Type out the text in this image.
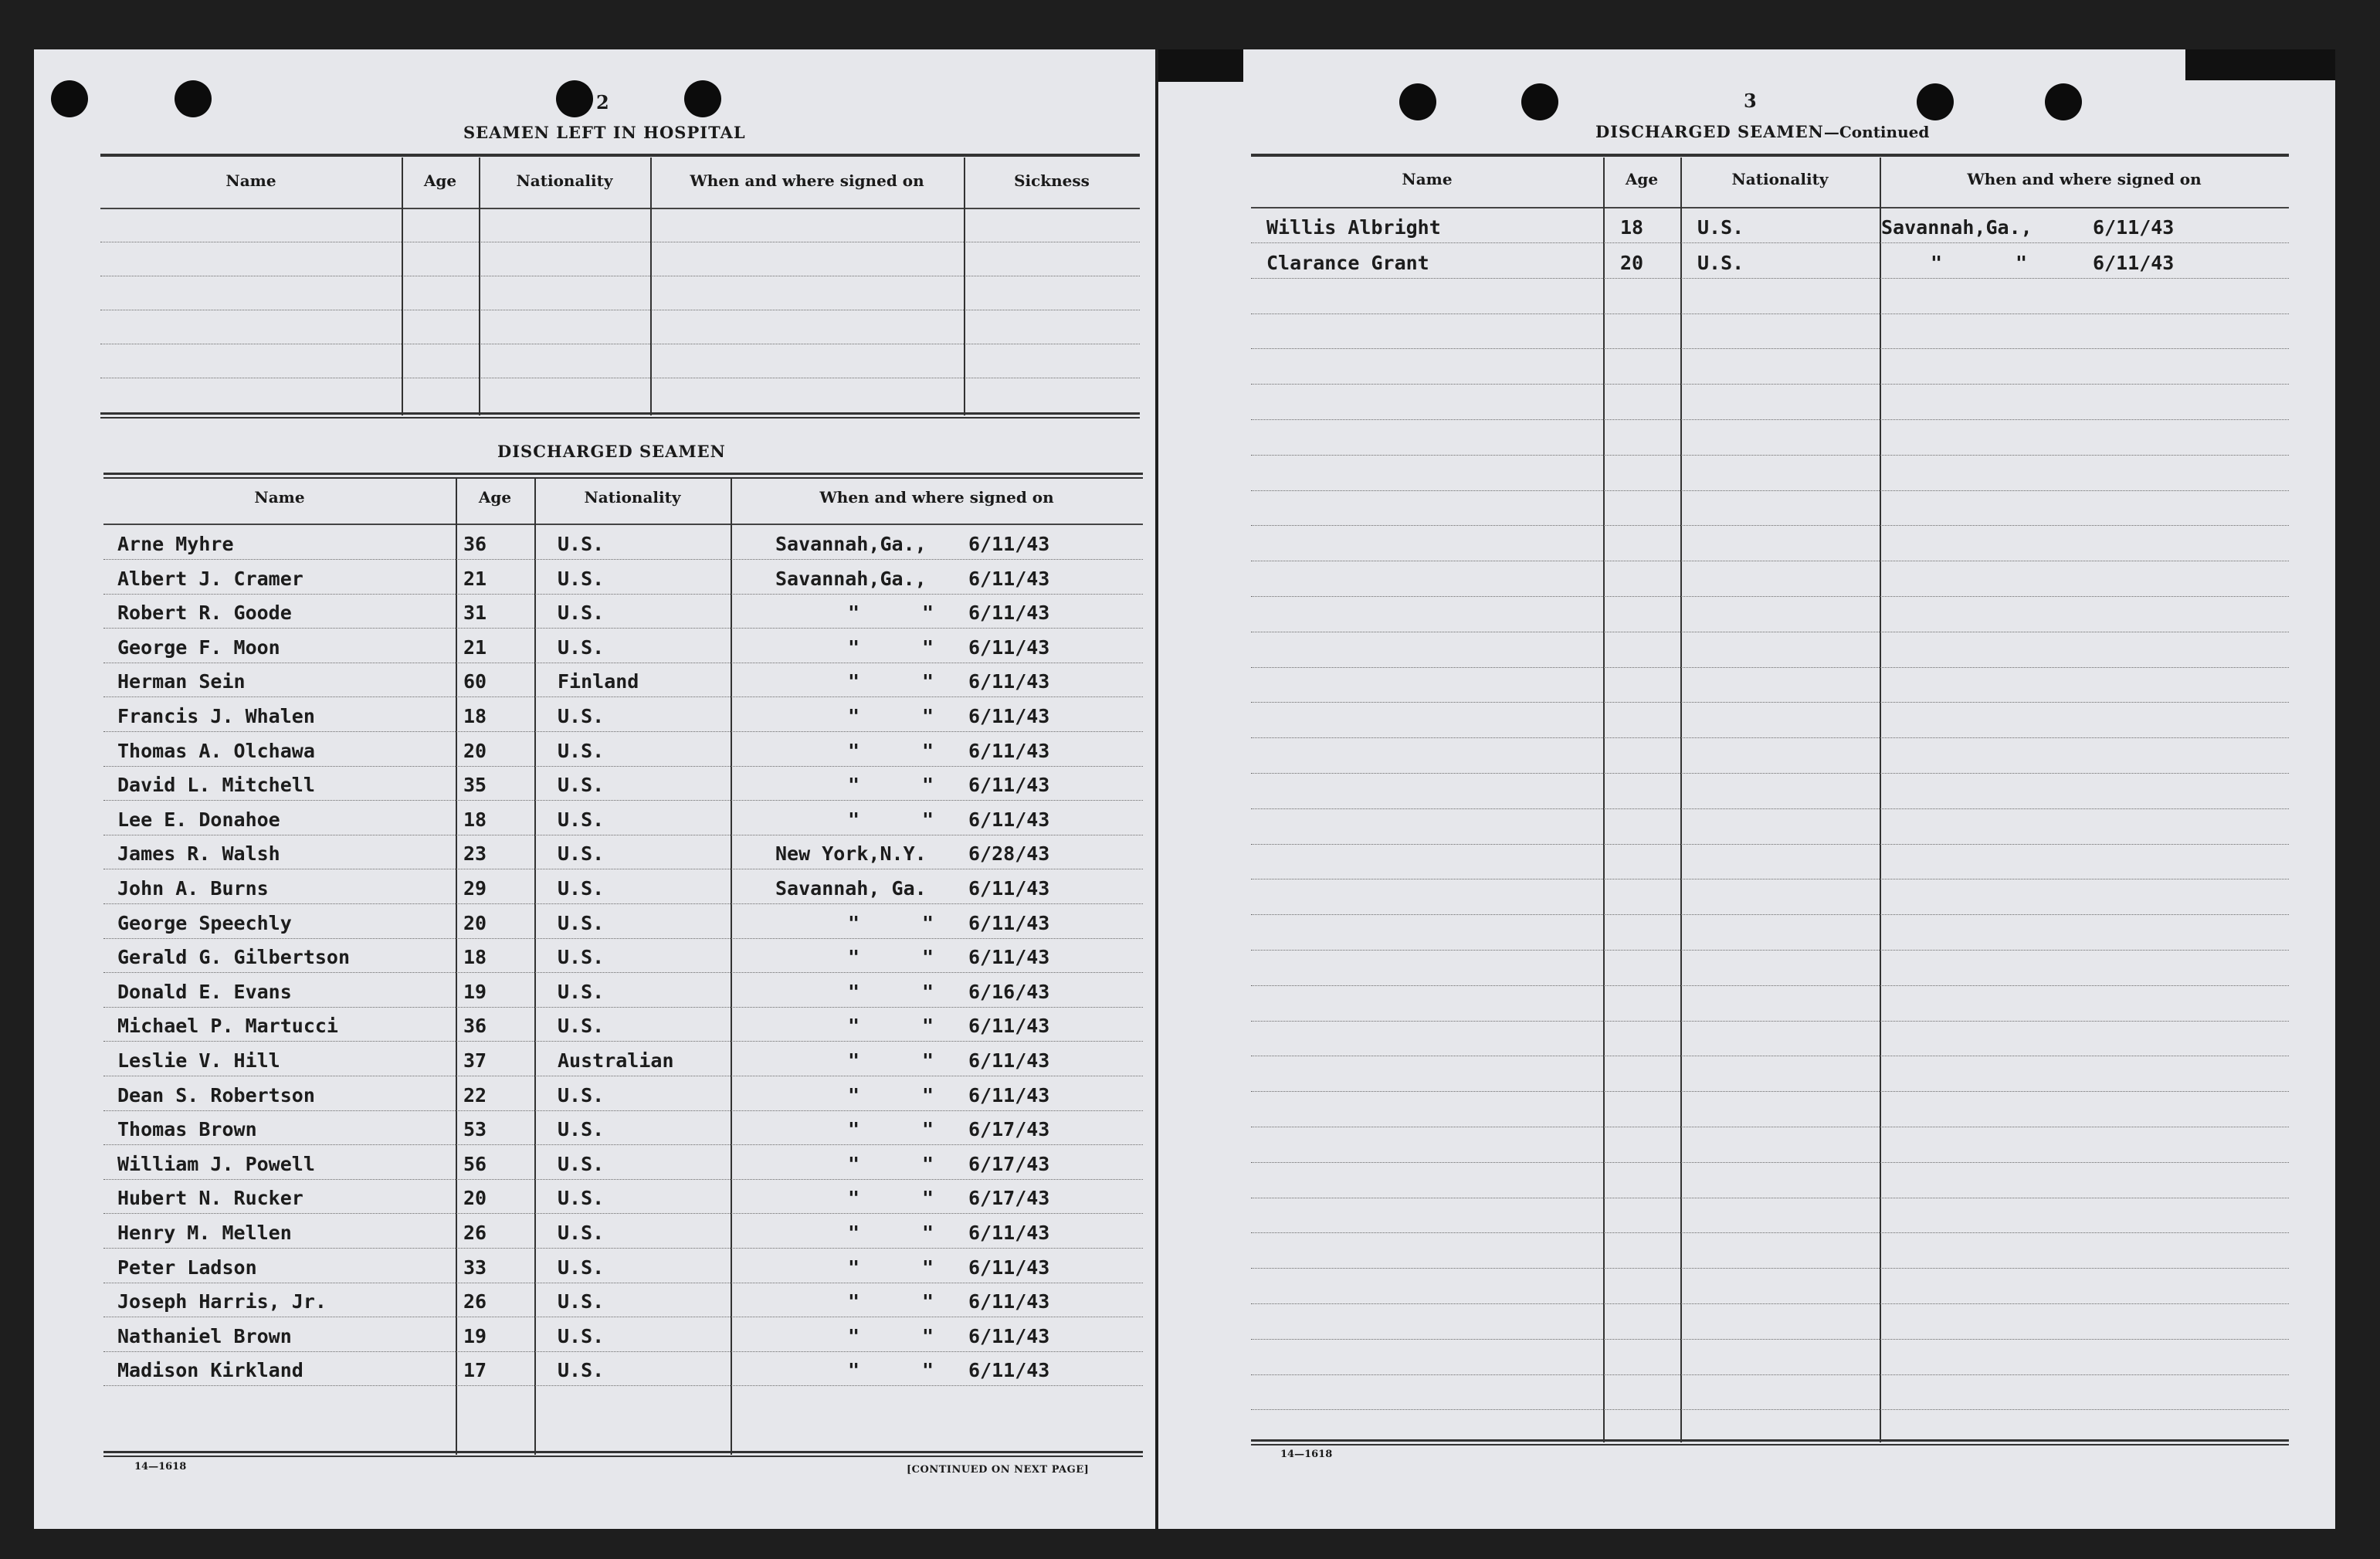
2
SEAMEN LEFT IN HOSPITAL
Name	Age	Nationality	When and where signed on	Sickness
DISCHARGED SEAMEN
Name	Age	Nationality	When and where signed on
Arne Myhre	36	U.S.	Savannah,Ga., 6/11/43
Albert J. Cramer	21	U.S.	Savannah,Ga., 6/11/43
Robert R. Goode	31	U.S.	"	" 6/11/43
George F. Moon	21	U.S.	"	" 6/11/43
Herman Sein	60	Finland	"	" 6/11/43
Francis J. Whalen	18	U.S.	"	" 6/11/43
Thomas A. Olchawa	20	U.S.	"	" 6/11/43
David L. Mitchell	35	U.S.	"	" 6/11/43
Lee E. Donahoe	18	U.S.	"	" 6/11/43
James R. Walsh	23	U.S.	New York,N.Y. 6/28/43
John A. Burns	29	U.S.	Savannah, Ga. 6/11/43
George Speechly	20	U.S.	"	" 6/11/43
Gerald G. Gilbertson	18	U.S.	"	" 6/11/43
Donald E. Evans	19	U.S.	"	" 6/16/43
Michael P. Martucci	36	U.S.	"	" 6/11/43
Leslie V. Hill	37	Australian	"	" 6/11/43
Dean S. Robertson	22	U.S.	"	" 6/11/43
Thomas Brown	53	U.S.	"	" 6/17/43
William J. Powell	56	U.S.	"	" 6/17/43
Hubert N. Rucker	20	U.S.	"	" 6/17/43
Henry M. Mellen	26	U.S.	"	" 6/11/43
Peter Ladson	33	U.S.	"	" 6/11/43
Joseph Harris, Jr.	26	U.S.	"	" 6/11/43
Nathaniel Brown	19	U.S.	"	" 6/11/43
Madison Kirkland	17	U.S.	"	" 6/11/43
14—1618	[CONTINUED ON NEXT PAGE]
3
DISCHARGED SEAMEN—Continued
Name	Age	Nationality	When and where signed on
Willis Albright	18	U.S.	Savannah,Ga.,	6/11/43
Clarance Grant	20	U.S.	"	"	6/11/43
14—1618
